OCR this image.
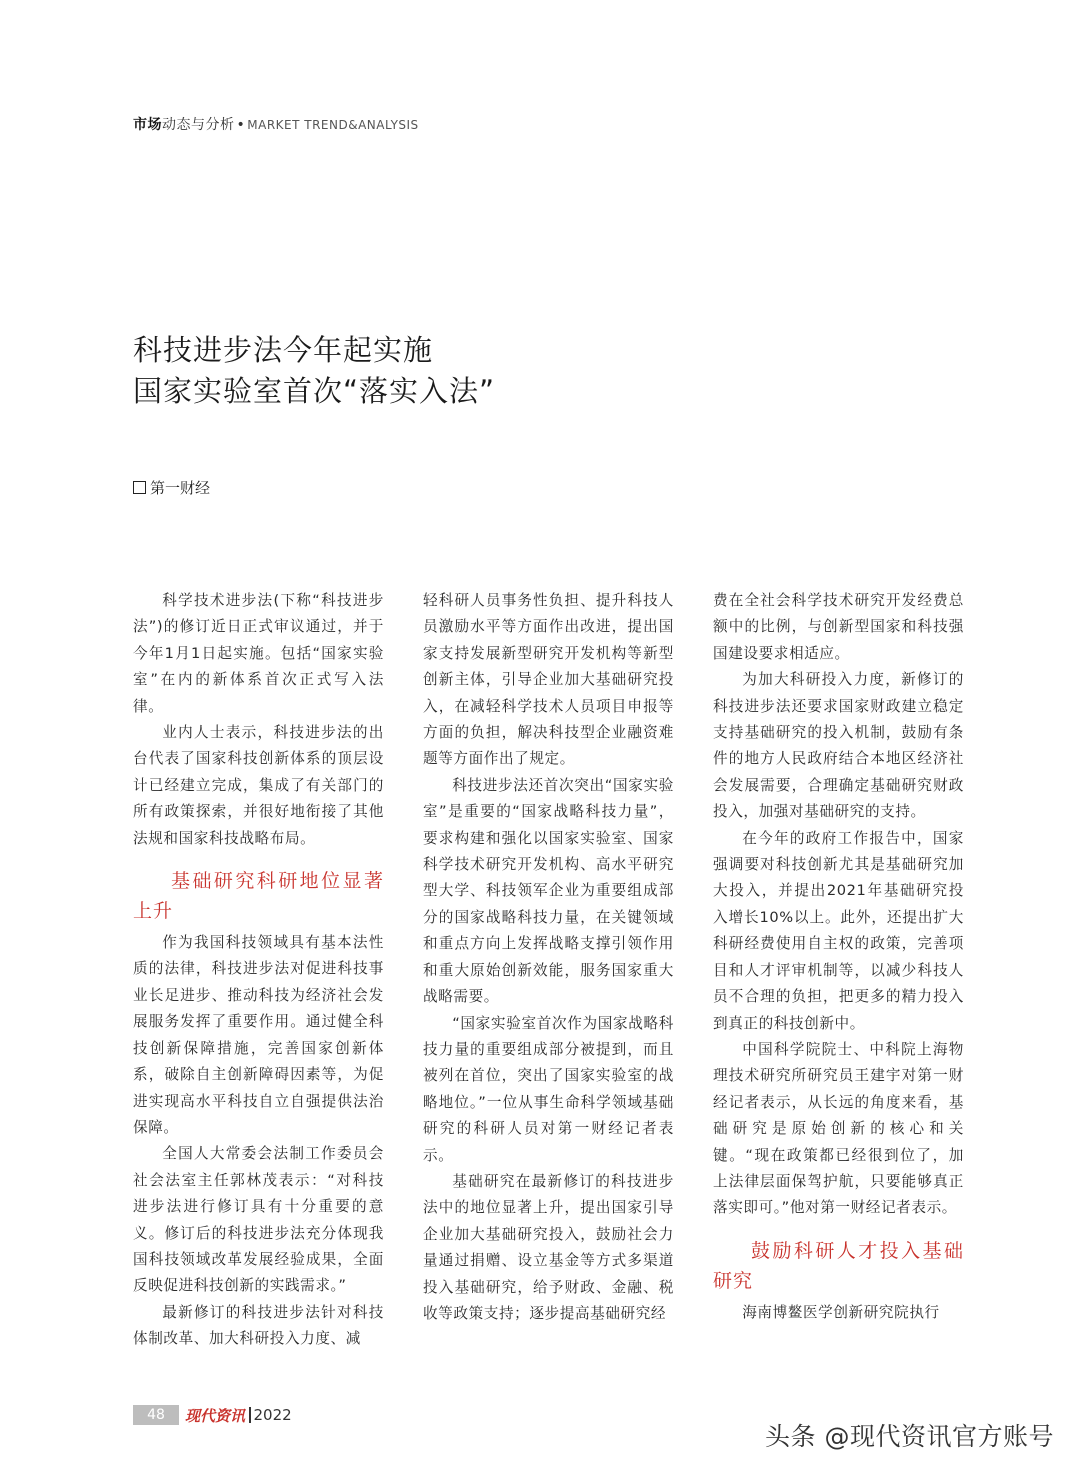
市场动态与分析 • MARKET TREND&ANALYSIS
科技进步法今年起实施
国家实验室首次“落实入法”
第一财经

科学技术进步法(下称“科技进步法”)的修订近日正式审议通过，并于今年1月1日起实施。包括“国家实验室”在内的新体系首次正式写入法律。

业内人士表示，科技进步法的出台代表了国家科技创新体系的顶层设计已经建立完成，集成了有关部门的所有政策探索，并很好地衔接了其他法规和国家科技战略布局。

基础研究科研地位显著上升

作为我国科技领域具有基本法性质的法律，科技进步法对促进科技事业长足进步、推动科技为经济社会发展服务发挥了重要作用。通过健全科技创新保障措施，完善国家创新体系，破除自主创新障碍因素等，为促进实现高水平科技自立自强提供法治保障。

全国人大常委会法制工作委员会社会法室主任郭林茂表示：“对科技进步法进行修订具有十分重要的意义。修订后的科技进步法充分体现我国科技领域改革发展经验成果，全面反映促进科技创新的实践需求。”

最新修订的科技进步法针对科技体制改革、加大科研投入力度、减

轻科研人员事务性负担、提升科技人员激励水平等方面作出改进，提出国家支持发展新型研究开发机构等新型创新主体，引导企业加大基础研究投入，在减轻科学技术人员项目申报等方面的负担，解决科技型企业融资难题等方面作出了规定。

科技进步法还首次突出“国家实验室”是重要的“国家战略科技力量”，要求构建和强化以国家实验室、国家科学技术研究开发机构、高水平研究型大学、科技领军企业为重要组成部分的国家战略科技力量，在关键领域和重点方向上发挥战略支撑引领作用和重大原始创新效能，服务国家重大战略需要。

“国家实验室首次作为国家战略科技力量的重要组成部分被提到，而且被列在首位，突出了国家实验室的战略地位。”一位从事生命科学领域基础研究的科研人员对第一财经记者表示。

基础研究在最新修订的科技进步法中的地位显著上升，提出国家引导企业加大基础研究投入，鼓励社会力量通过捐赠、设立基金等方式多渠道投入基础研究，给予财政、金融、税收等政策支持；逐步提高基础研究经

费在全社会科学技术研究开发经费总额中的比例，与创新型国家和科技强国建设要求相适应。

为加大科研投入力度，新修订的科技进步法还要求国家财政建立稳定支持基础研究的投入机制，鼓励有条件的地方人民政府结合本地区经济社会发展需要，合理确定基础研究财政投入，加强对基础研究的支持。

在今年的政府工作报告中，国家强调要对科技创新尤其是基础研究加大投入，并提出2021年基础研究投入增长10%以上。此外，还提出扩大科研经费使用自主权的政策，完善项目和人才评审机制等，以减少科技人员不合理的负担，把更多的精力投入到真正的科技创新中。

中国科学院院士、中科院上海物理技术研究所研究员王建宇对第一财经记者表示，从长远的角度来看，基础研究是原始创新的核心和关键。“现在政策都已经很到位了，加上法律层面保驾护航，只要能够真正落实即可。”他对第一财经记者表示。

鼓励科研人才投入基础研究

海南博鳌医学创新研究院执行

48	现代资讯 2022
头条 @现代资讯官方账号
